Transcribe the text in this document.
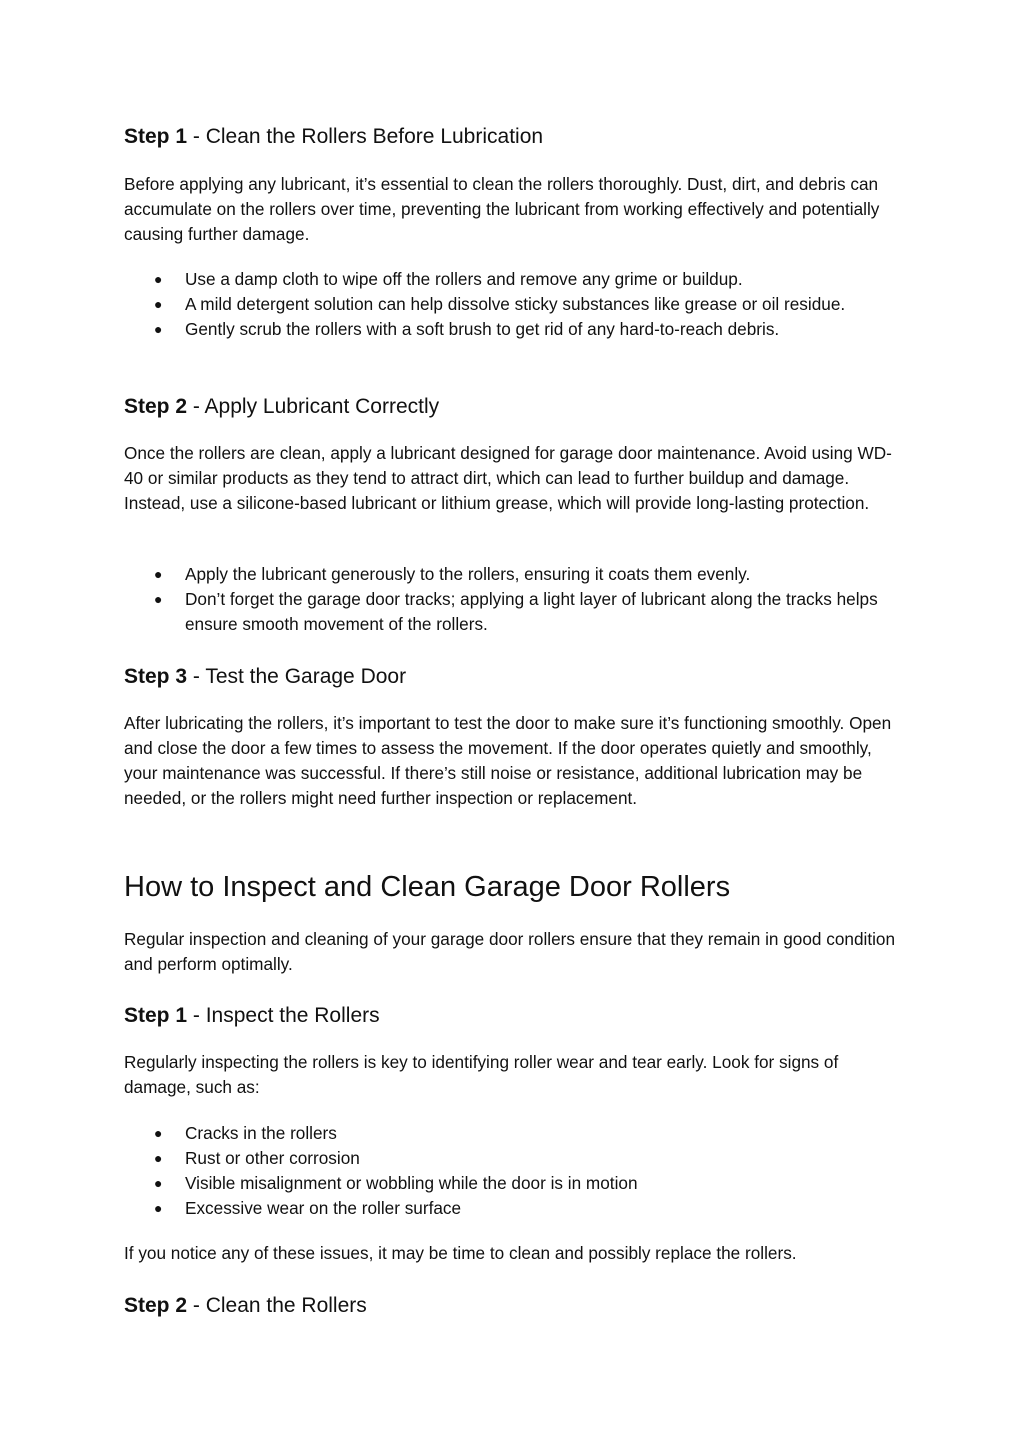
Step 1 - Clean the Rollers Before Lubrication

Before applying any lubricant, it’s essential to clean the rollers thoroughly. Dust, dirt, and debris can accumulate on the rollers over time, preventing the lubricant from working effectively and potentially causing further damage.

● Use a damp cloth to wipe off the rollers and remove any grime or buildup.
● A mild detergent solution can help dissolve sticky substances like grease or oil residue.
● Gently scrub the rollers with a soft brush to get rid of any hard-to-reach debris.
Step 2 - Apply Lubricant Correctly

Once the rollers are clean, apply a lubricant designed for garage door maintenance. Avoid using WD-40 or similar products as they tend to attract dirt, which can lead to further buildup and damage. Instead, use a silicone-based lubricant or lithium grease, which will provide long-lasting protection.

● Apply the lubricant generously to the rollers, ensuring it coats them evenly.
● Don’t forget the garage door tracks; applying a light layer of lubricant along the tracks helps ensure smooth movement of the rollers.
Step 3 - Test the Garage Door

After lubricating the rollers, it’s important to test the door to make sure it’s functioning smoothly. Open and close the door a few times to assess the movement. If the door operates quietly and smoothly, your maintenance was successful. If there’s still noise or resistance, additional lubrication may be needed, or the rollers might need further inspection or replacement.

How to Inspect and Clean Garage Door Rollers

Regular inspection and cleaning of your garage door rollers ensure that they remain in good condition and perform optimally.

Step 1 - Inspect the Rollers

Regularly inspecting the rollers is key to identifying roller wear and tear early. Look for signs of damage, such as:

● Cracks in the rollers
● Rust or other corrosion
● Visible misalignment or wobbling while the door is in motion
● Excessive wear on the roller surface

If you notice any of these issues, it may be time to clean and possibly replace the rollers.

Step 2 - Clean the Rollers
